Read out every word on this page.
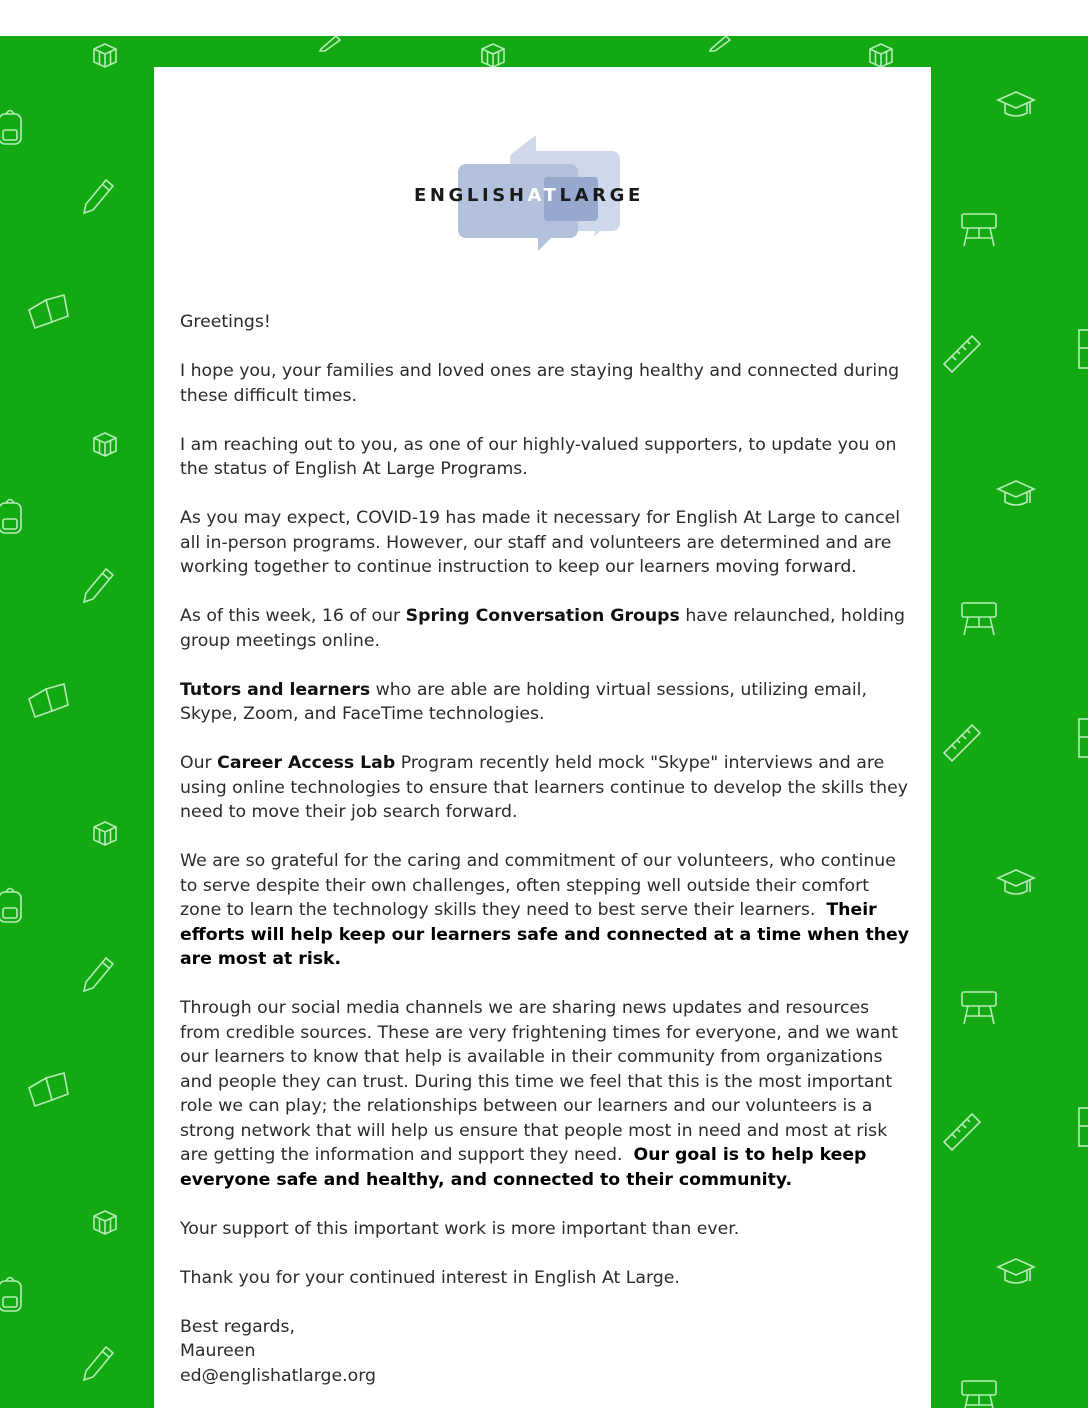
ENGLISHATLARGE

Greetings!

I hope you, your families and loved ones are staying healthy and connected during these difficult times.

I am reaching out to you, as one of our highly-valued supporters, to update you on the status of English At Large Programs.

As you may expect, COVID-19 has made it necessary for English At Large to cancel all in-person programs. However, our staff and volunteers are determined and are working together to continue instruction to keep our learners moving forward.

As of this week, 16 of our Spring Conversation Groups have relaunched, holding group meetings online.

Tutors and learners who are able are holding virtual sessions, utilizing email, Skype, Zoom, and FaceTime technologies.

Our Career Access Lab Program recently held mock "Skype" interviews and are using online technologies to ensure that learners continue to develop the skills they need to move their job search forward.

We are so grateful for the caring and commitment of our volunteers, who continue to serve despite their own challenges, often stepping well outside their comfort zone to learn the technology skills they need to best serve their learners.  Their efforts will help keep our learners safe and connected at a time when they are most at risk.

Through our social media channels we are sharing news updates and resources from credible sources. These are very frightening times for everyone, and we want our learners to know that help is available in their community from organizations and people they can trust. During this time we feel that this is the most important role we can play; the relationships between our learners and our volunteers is a strong network that will help us ensure that people most in need and most at risk are getting the information and support they need.  Our goal is to help keep everyone safe and healthy, and connected to their community.

Your support of this important work is more important than ever.

Thank you for your continued interest in English At Large.

Best regards,

Maureen

ed@englishatlarge.org
